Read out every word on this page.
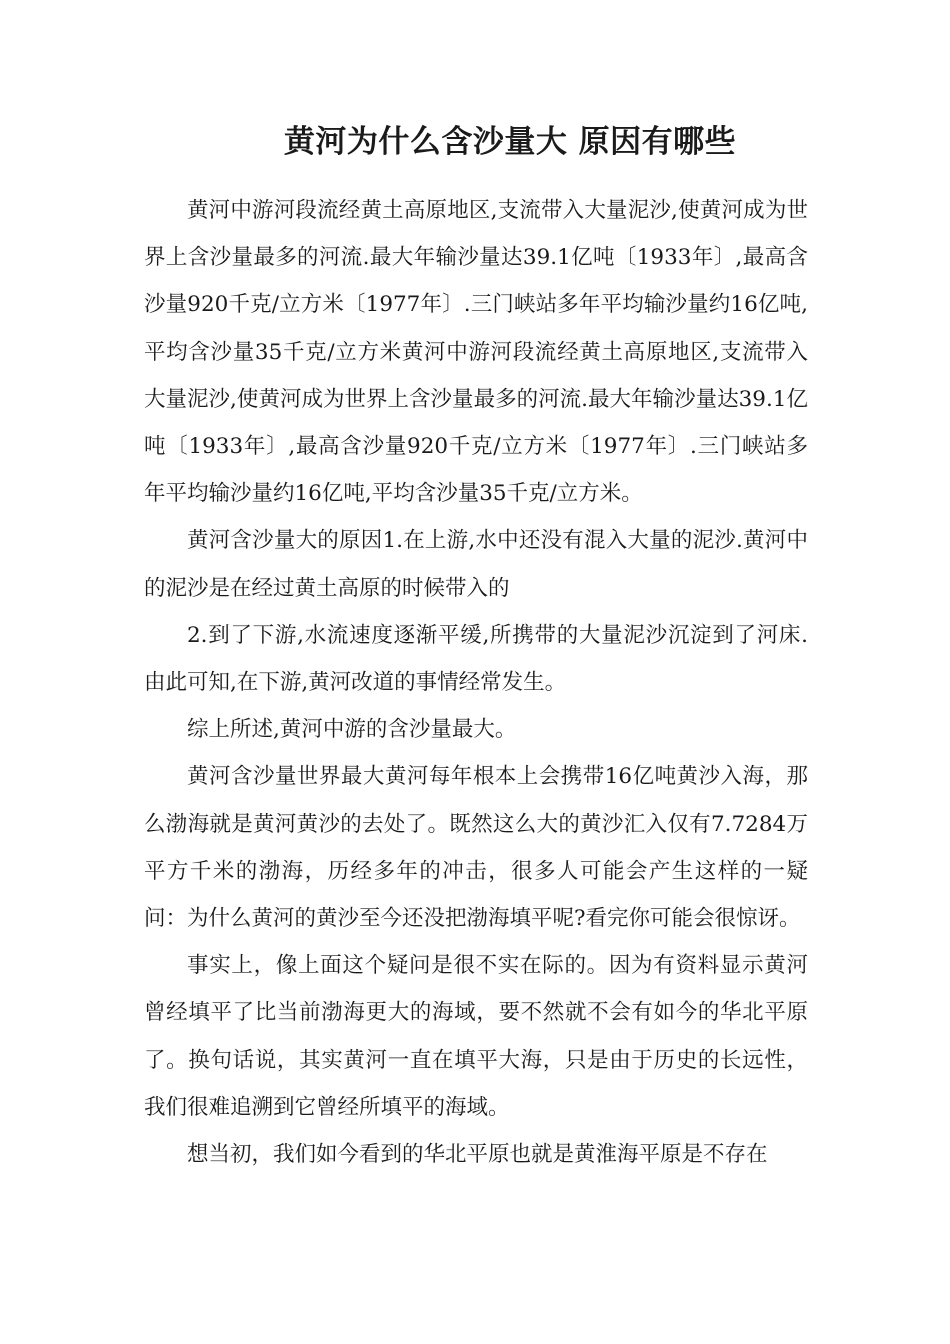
黄河为什么含沙量大 原因有哪些

黄河中游河段流经黄土高原地区,支流带入大量泥沙,使黄河成为世界上含沙量最多的河流.最大年输沙量达39.1亿吨〔1933年〕,最高含沙量920千克/立方米〔1977年〕.三门峡站多年平均输沙量约16亿吨,平均含沙量35千克/立方米黄河中游河段流经黄土高原地区,支流带入大量泥沙,使黄河成为世界上含沙量最多的河流.最大年输沙量达39.1亿吨〔1933年〕,最高含沙量920千克/立方米〔1977年〕.三门峡站多年平均输沙量约16亿吨,平均含沙量35千克/立方米。

黄河含沙量大的原因1.在上游,水中还没有混入大量的泥沙.黄河中的泥沙是在经过黄土高原的时候带入的

2.到了下游,水流速度逐渐平缓,所携带的大量泥沙沉淀到了河床.由此可知,在下游,黄河改道的事情经常发生。

综上所述,黄河中游的含沙量最大。

黄河含沙量世界最大黄河每年根本上会携带16亿吨黄沙入海，那么渤海就是黄河黄沙的去处了。既然这么大的黄沙汇入仅有7.7284万平方千米的渤海，历经多年的冲击，很多人可能会产生这样的一疑问：为什么黄河的黄沙至今还没把渤海填平呢?看完你可能会很惊讶。

事实上，像上面这个疑问是很不实在际的。因为有资料显示黄河曾经填平了比当前渤海更大的海域，要不然就不会有如今的华北平原了。换句话说，其实黄河一直在填平大海，只是由于历史的长远性，我们很难追溯到它曾经所填平的海域。

想当初，我们如今看到的华北平原也就是黄淮海平原是不存在
